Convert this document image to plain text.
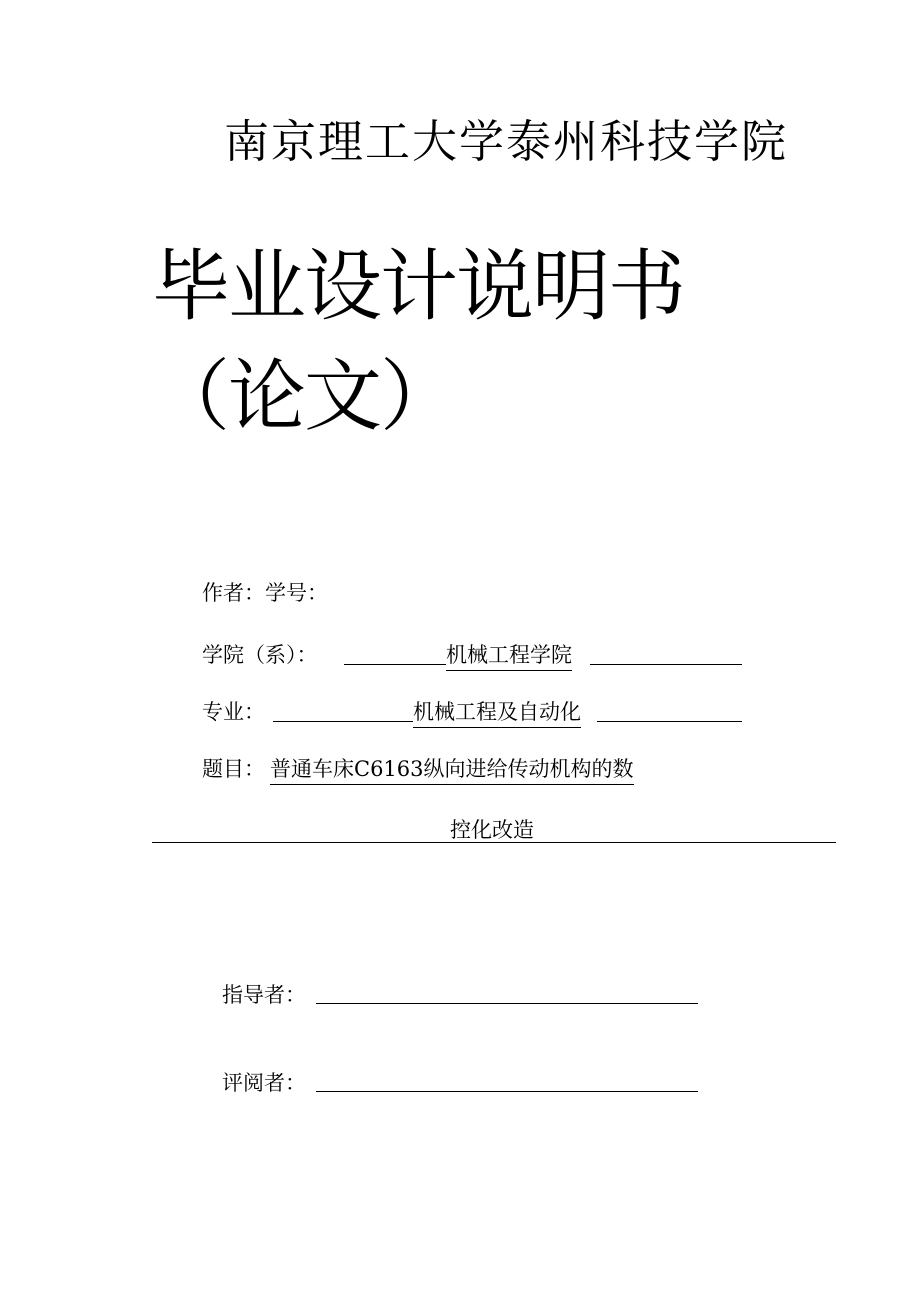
南京理工大学泰州科技学院
毕业设计说明书（论文）
作者：学号：
学院（系）：	机械工程学院
专业：	机械工程及自动化
题目： 普通车床C6163纵向进给传动机构的数
控化改造
指导者：
评阅者：
